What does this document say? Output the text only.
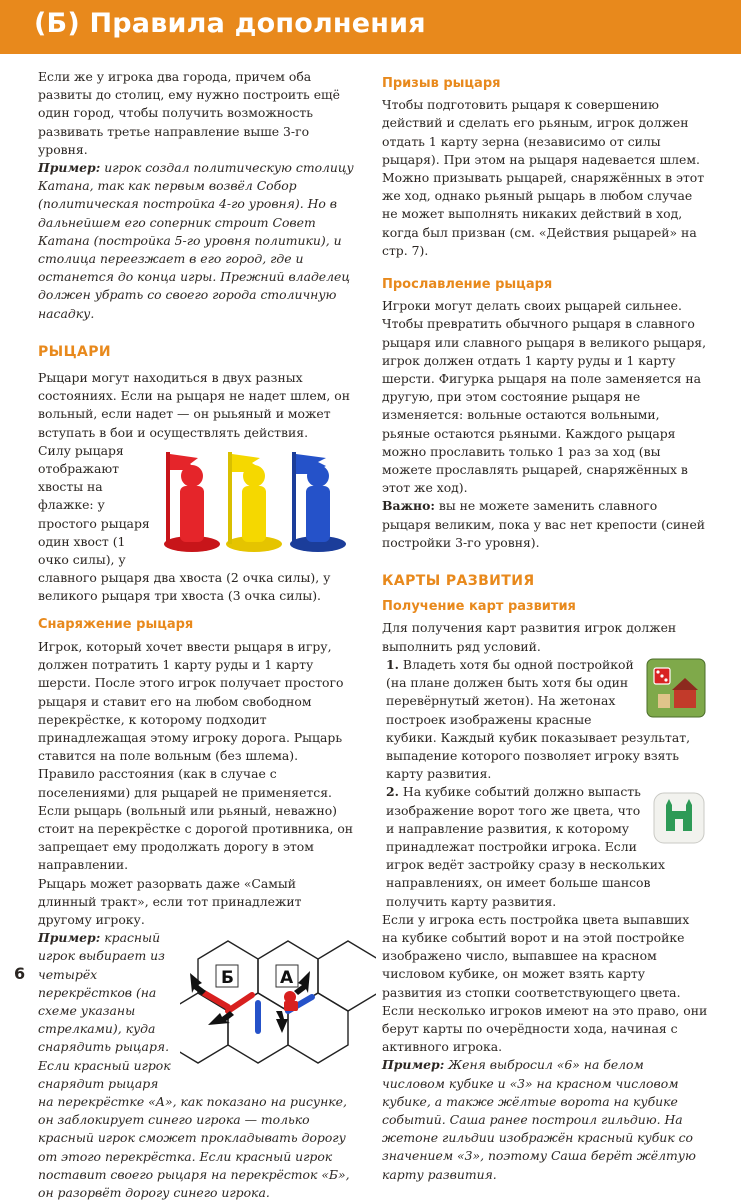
(Б) Правила дополнения

Если же у игрока два города, причем оба развиты до столиц, ему нужно построить ещё один город, чтобы получить возможность развивать третье направление выше 3-го уровня.

Пример: игрок создал политическую столицу Катана, так как первым возвёл Собор (политическая постройка 4-го уровня). Но в дальнейшем его соперник строит Совет Катана (постройка 5-го уровня политики), и столица переезжает в его город, где и останется до конца игры. Прежний владелец должен убрать со своего города столичную насадку.

РЫЦАРИ

Рыцари могут находиться в двух разных состояниях. Если на рыцаря не надет шлем, он вольный, если надет — он рыьяный и может вступать в бои и осуществлять действия.

Силу рыцаря отображают хвосты на флажке: у простого рыцаря один хвост (1 очко силы), у славного рыцаря два хвоста (2 очка силы), у великого рыцаря три хвоста (3 очка силы).

Снаряжение рыцаря

Игрок, который хочет ввести рыцаря в игру, должен потратить 1 карту руды и 1 карту шерсти. После этого игрок получает простого рыцаря и ставит его на любом свободном перекрёстке, к которому подходит принадлежащая этому игроку дорога. Рыцарь ставится на поле вольным (без шлема). Правило расстояния (как в случае с поселениями) для рыцарей не применяется. Если рыцарь (вольный или рьяный, неважно) стоит на перекрёстке с дорогой противника, он запрещает ему продолжать дорогу в этом направлении.

Рыцарь может разорвать даже «Самый длинный тракт», если тот принадлежит другому игроку.

Б	А

Пример: красный игрок выбирает из четырёх перекрёстков (на схеме указаны стрелками), куда снарядить рыцаря. Если красный игрок снарядит рыцаря на перекрёстке «А», как показано на рисунке, он заблокирует синего игрока — только красный игрок сможет прокладывать дорогу от этого перекрёстка. Если красный игрок поставит своего рыцаря на перекрёсток «Б», он разорвёт дорогу синего игрока.

Призыв рыцаря

Чтобы подготовить рыцаря к совершению действий и сделать его рьяным, игрок должен отдать 1 карту зерна (независимо от силы рыцаря). При этом на рыцаря надевается шлем. Можно призывать рыцарей, снаряжённых в этот же ход, однако рьяный рыцарь в любом случае не может выполнять никаких действий в ход, когда был призван (см. «Действия рыцарей» на стр. 7).

Прославление рыцаря

Игроки могут делать своих рыцарей сильнее. Чтобы превратить обычного рыцаря в славного рыцаря или славного рыцаря в великого рыцаря, игрок должен отдать 1 карту руды и 1 карту шерсти. Фигурка рыцаря на поле заменяется на другую, при этом состояние рыцаря не изменяется: вольные остаются вольными, рьяные остаются рьяными. Каждого рыцаря можно прославить только 1 раз за ход (вы можете прославлять рыцарей, снаряжённых в этот же ход).

Важно: вы не можете заменить славного рыцаря великим, пока у вас нет крепости (синей постройки 3-го уровня).

КАРТЫ РАЗВИТИЯ
Получение карт развития

Для получения карт развития игрок должен выполнить ряд условий.

1. Владеть хотя бы одной постройкой (на плане должен быть хотя бы один перевёрнутый жетон). На жетонах построек изображены красные кубики. Каждый кубик показывает результат, выпадение которого позволяет игроку взять карту развития.

2. На кубике событий должно выпасть изображение ворот того же цвета, что и направление развития, к которому принадлежат постройки игрока. Если игрок ведёт застройку сразу в нескольких направлениях, он имеет больше шансов получить карту развития.

Если у игрока есть постройка цвета выпавших на кубике событий ворот и на этой постройке изображено число, выпавшее на красном числовом кубике, он может взять карту развития из стопки соответствующего цвета. Если несколько игроков имеют на это право, они берут карты по очерёдности хода, начиная с активного игрока.

Пример: Женя выбросил «6» на белом числовом кубике и «3» на красном числовом кубике, а также жёлтые ворота на кубике событий. Саша ранее построил гильдию. На жетоне гильдии изображён красный кубик со значением «3», поэтому Саша берёт жёлтую карту развития.

6
